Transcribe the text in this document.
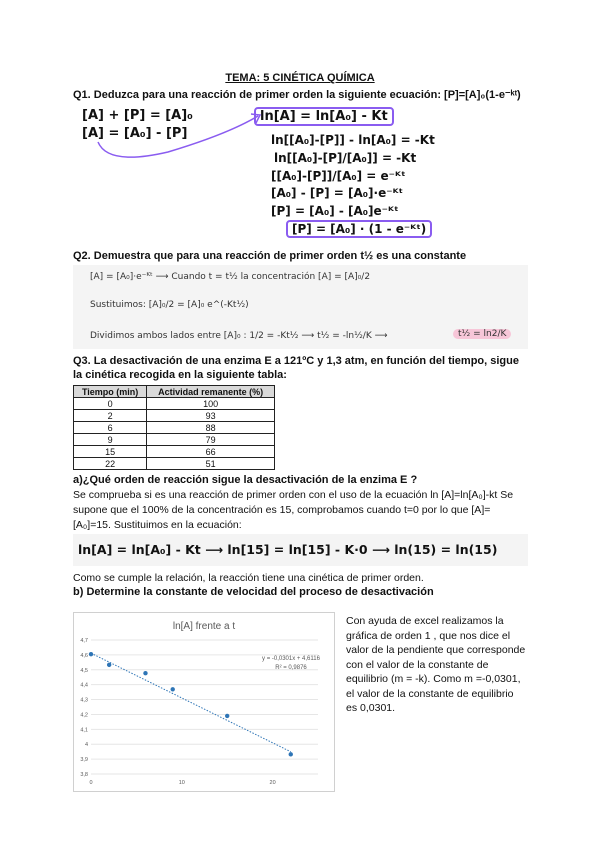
TEMA: 5 CINÉTICA QUÍMICA
Q1. Deduzca para una reacción de primer orden la siguiente ecuación: [P]=[A]₀(1-e⁻ᵏᵗ)
[A] + [P] = [A]₀
[A] = [A₀] - [P]
ln[A] = ln[A₀] - Kt
ln[[A₀]-[P]] - ln[A₀] = -Kt
ln[[A₀]-[P]/[A₀]] = -Kt
[[A₀]-[P]]/[A₀] = e⁻ᴷᵗ
[A₀] - [P] = [A₀]·e⁻ᴷᵗ
[P] = [A₀] - [A₀]e⁻ᴷᵗ
[P] = [A₀] · (1 - e⁻ᴷᵗ)
Q2. Demuestra que para una reacción de primer orden t½ es una constante
[A] = [A₀]·e⁻ᴷᵗ ⟶ Cuando t = t½ la concentración [A] = [A]₀/2
Sustituimos: [A]₀/2 = [A]₀ e^(-Kt½)
Dividimos ambos lados entre [A]₀ : 1/2 = -Kt½ ⟶ t½ = -ln½/K ⟶	t½ = ln2/K
Q3. La desactivación de una enzima E a 121ºC y 1,3 atm, en función del tiempo, sigue la cinética recogida en la siguiente tabla:
Tiempo (min)	Actividad remanente (%)
0	100
2	93
6	88
9	79
15	66
22	51
a)¿Qué orden de reacción sigue la desactivación de la enzima E ?
Se comprueba si es una reacción de primer orden con el uso de la ecuación ln [A]=ln[A₀]-kt Se supone que el 100% de la concentración es 15, comprobamos cuando t=0 por lo que [A]=[A₀]=15. Sustituimos en la ecuación:
ln[A] = ln[A₀] - Kt ⟶ ln[15] = ln[15] - K·0 ⟶ ln(15) = ln(15)
Como se cumple la relación, la reacción tiene una cinética de primer orden.
b) Determine la constante de velocidad del proceso de desactivación
ln[A] frente a t
4,7
4,6
4,5
4,4
4,3
4,2
4,1
4
3,9
3,8
0	10	20
y = -0,0301x + 4,6116
R² = 0,9876
Con ayuda de excel realizamos la gráfica de orden 1 , que nos dice el valor de la pendiente que corresponde con el valor de la constante de equilibrio (m = -k). Como m =-0,0301, el valor de la constante de equilibrio es 0,0301.
